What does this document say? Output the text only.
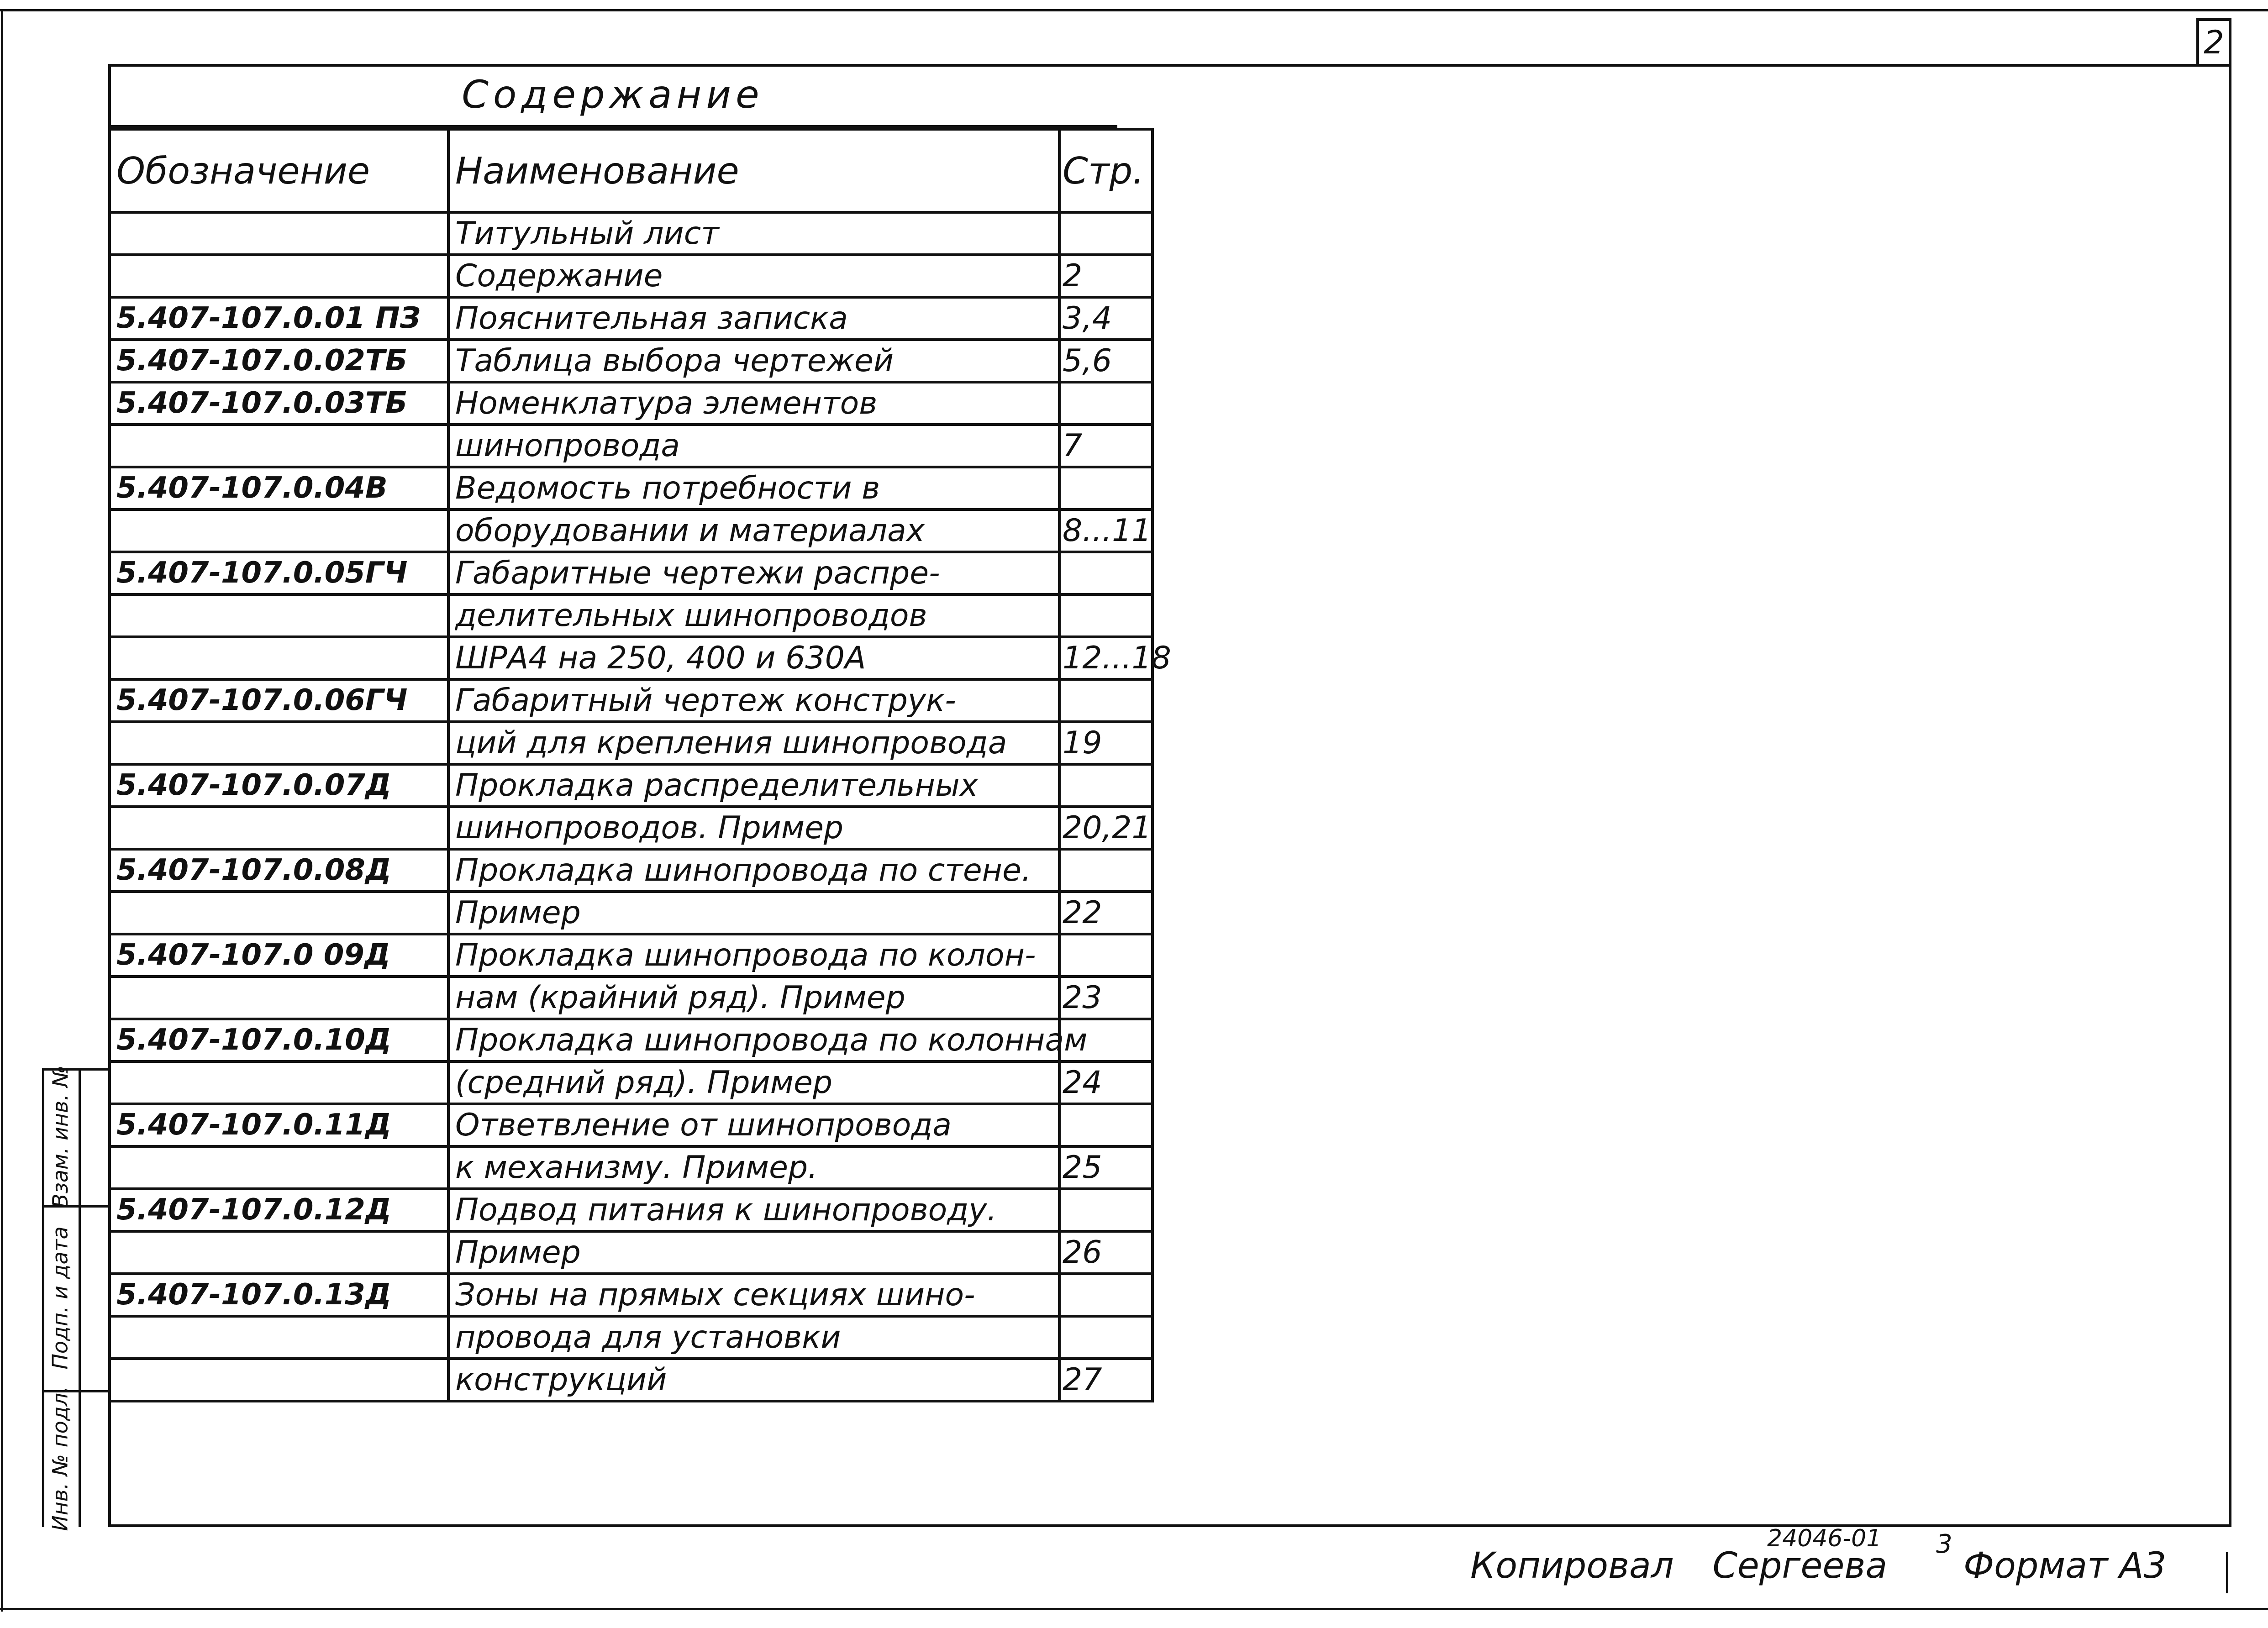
2
Содержание
Обозначение	Наименование	Стр.
	Титульный лист	
	Содержание	2
5.407-107.0.01 ПЗ	Пояснительная записка	3,4
5.407-107.0.02ТБ	Таблица выбора чертежей	5,6
5.407-107.0.03ТБ	Номенклатура элементов	
	шинопровода	7
5.407-107.0.04В	Ведомость потребности в	
	оборудовании и материалах	8...11
5.407-107.0.05ГЧ	Габаритные чертежи распре-	
	делительных шинопроводов	
	ШРА4 на 250, 400 и 630А	12...18
5.407-107.0.06ГЧ	Габаритный чертеж конструк-	
	ций для крепления шинопровода	19
5.407-107.0.07Д	Прокладка распределительных	
	шинопроводов. Пример	20,21
5.407-107.0.08Д	Прокладка шинопровода по стене.	
	Пример	22
5.407-107.0 09Д	Прокладка шинопровода по колон-	
	нам (крайний ряд). Пример	23
5.407-107.0.10Д	Прокладка шинопровода по колоннам	
	(средний ряд). Пример	24
5.407-107.0.11Д	Ответвление от шинопровода	
	к механизму. Пример.	25
5.407-107.0.12Д	Подвод питания к шинопроводу.	
	Пример	26
5.407-107.0.13Д	Зоны на прямых секциях шино-	
	провода для установки	
	конструкций	27
Взам. инв. №
Подп. и дата
Инв. № подл.
Копировал Сергеева
24046-01 3
Формат А3
